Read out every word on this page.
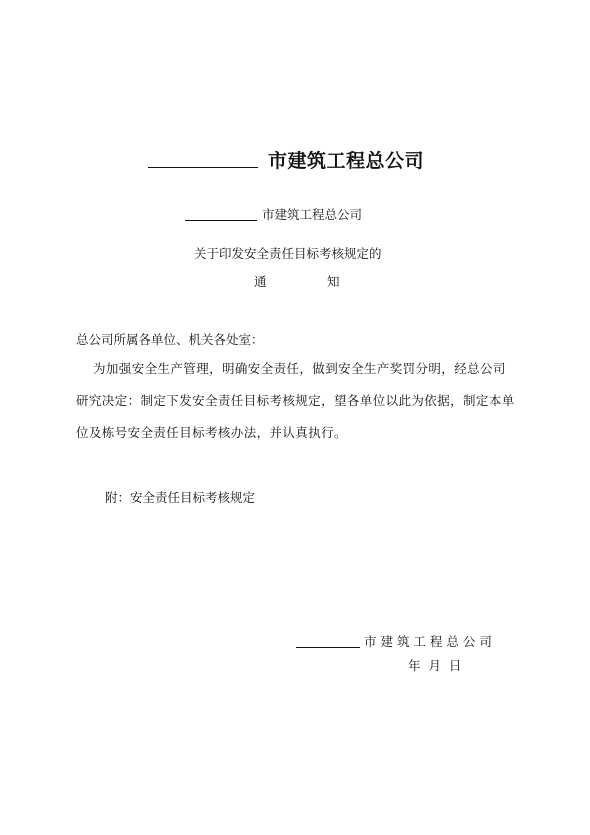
市建筑工程总公司
市建筑工程总公司
关于印发安全责任目标考核规定的
通	知
总公司所属各单位、机关各处室：
为加强安全生产管理，明确安全责任，做到安全生产奖罚分明，经总公司
研究决定：制定下发安全责任目标考核规定，望各单位以此为依据，制定本单
位及栋号安全责任目标考核办法，并认真执行。
附：安全责任目标考核规定
市 建 筑 工 程 总 公 司
年  月  日
